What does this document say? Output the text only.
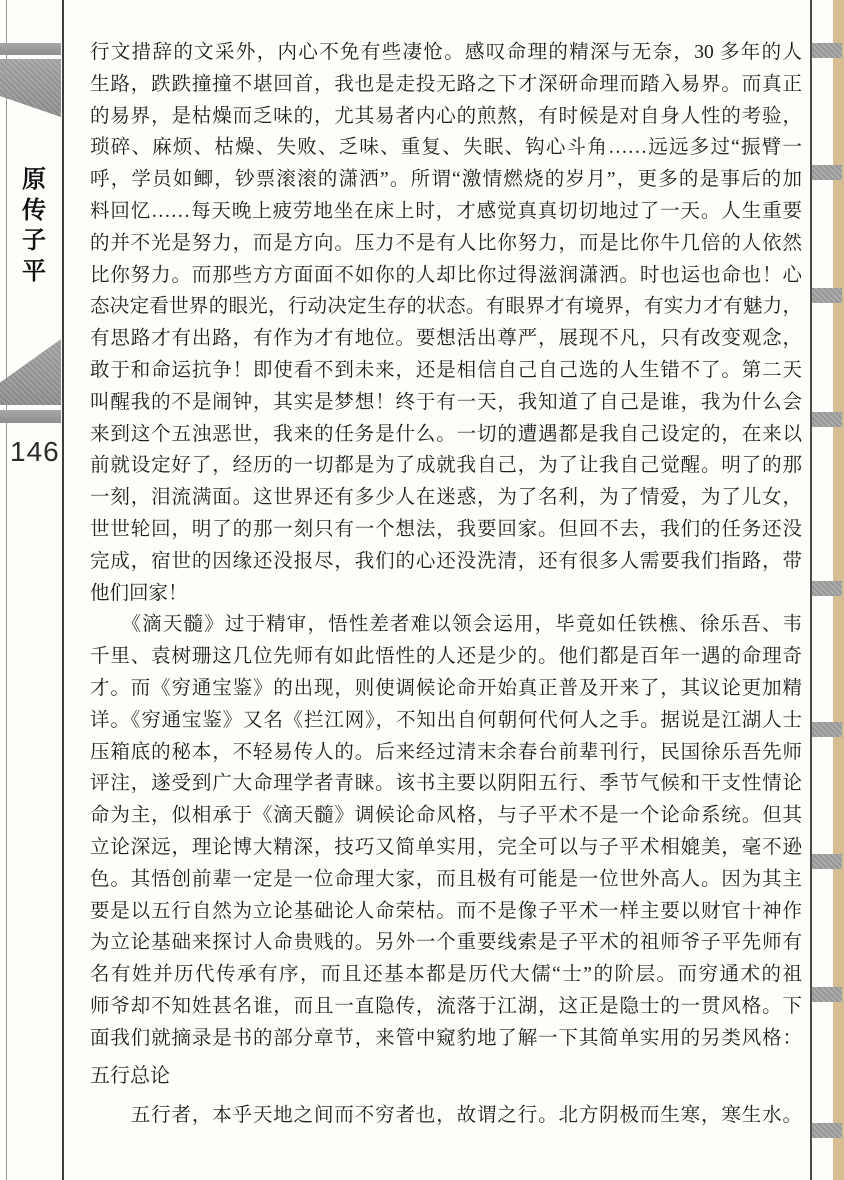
原
传
子
平
146
行文措辞的文采外，内心不免有些凄怆。感叹命理的精深与无奈，30 多年的人
生路，跌跌撞撞不堪回首，我也是走投无路之下才深研命理而踏入易界。而真正
的易界，是枯燥而乏味的，尤其易者内心的煎熬，有时候是对自身人性的考验，
琐碎、麻烦、枯燥、失败、乏味、重复、失眠、钩心斗角……远远多过“振臂一
呼，学员如鲫，钞票滚滚的潇洒”。所谓“激情燃烧的岁月”，更多的是事后的加
料回忆……每天晚上疲劳地坐在床上时，才感觉真真切切地过了一天。人生重要
的并不光是努力，而是方向。压力不是有人比你努力，而是比你牛几倍的人依然
比你努力。而那些方方面面不如你的人却比你过得滋润潇洒。时也运也命也！心
态决定看世界的眼光，行动决定生存的状态。有眼界才有境界，有实力才有魅力，
有思路才有出路，有作为才有地位。要想活出尊严，展现不凡，只有改变观念，
敢于和命运抗争！即使看不到未来，还是相信自己自己选的人生错不了。第二天
叫醒我的不是闹钟，其实是梦想！终于有一天，我知道了自己是谁，我为什么会
来到这个五浊恶世，我来的任务是什么。一切的遭遇都是我自己设定的，在来以
前就设定好了，经历的一切都是为了成就我自己，为了让我自己觉醒。明了的那
一刻，泪流满面。这世界还有多少人在迷惑，为了名利，为了情爱，为了儿女，
世世轮回，明了的那一刻只有一个想法，我要回家。但回不去，我们的任务还没
完成，宿世的因缘还没报尽，我们的心还没洗清，还有很多人需要我们指路，带
他们回家！
　　《滴天髓》过于精审，悟性差者难以领会运用，毕竟如任铁樵、徐乐吾、韦
千里、袁树珊这几位先师有如此悟性的人还是少的。他们都是百年一遇的命理奇
才。而《穷通宝鉴》的出现，则使调候论命开始真正普及开来了，其议论更加精
详。《穷通宝鉴》又名《拦江网》，不知出自何朝何代何人之手。据说是江湖人士
压箱底的秘本，不轻易传人的。后来经过清末余春台前辈刊行，民国徐乐吾先师
评注，遂受到广大命理学者青睐。该书主要以阴阳五行、季节气候和干支性情论
命为主，似相承于《滴天髓》调候论命风格，与子平术不是一个论命系统。但其
立论深远，理论博大精深，技巧又简单实用，完全可以与子平术相媲美，毫不逊
色。其悟创前辈一定是一位命理大家，而且极有可能是一位世外高人。因为其主
要是以五行自然为立论基础论人命荣枯。而不是像子平术一样主要以财官十神作
为立论基础来探讨人命贵贱的。另外一个重要线索是子平术的祖师爷子平先师有
名有姓并历代传承有序，而且还基本都是历代大儒“士”的阶层。而穷通术的祖
师爷却不知姓甚名谁，而且一直隐传，流落于江湖，这正是隐士的一贯风格。下
面我们就摘录是书的部分章节，来管中窥豹地了解一下其简单实用的另类风格：
五行总论
　　五行者，本乎天地之间而不穷者也，故谓之行。北方阴极而生寒，寒生水。
